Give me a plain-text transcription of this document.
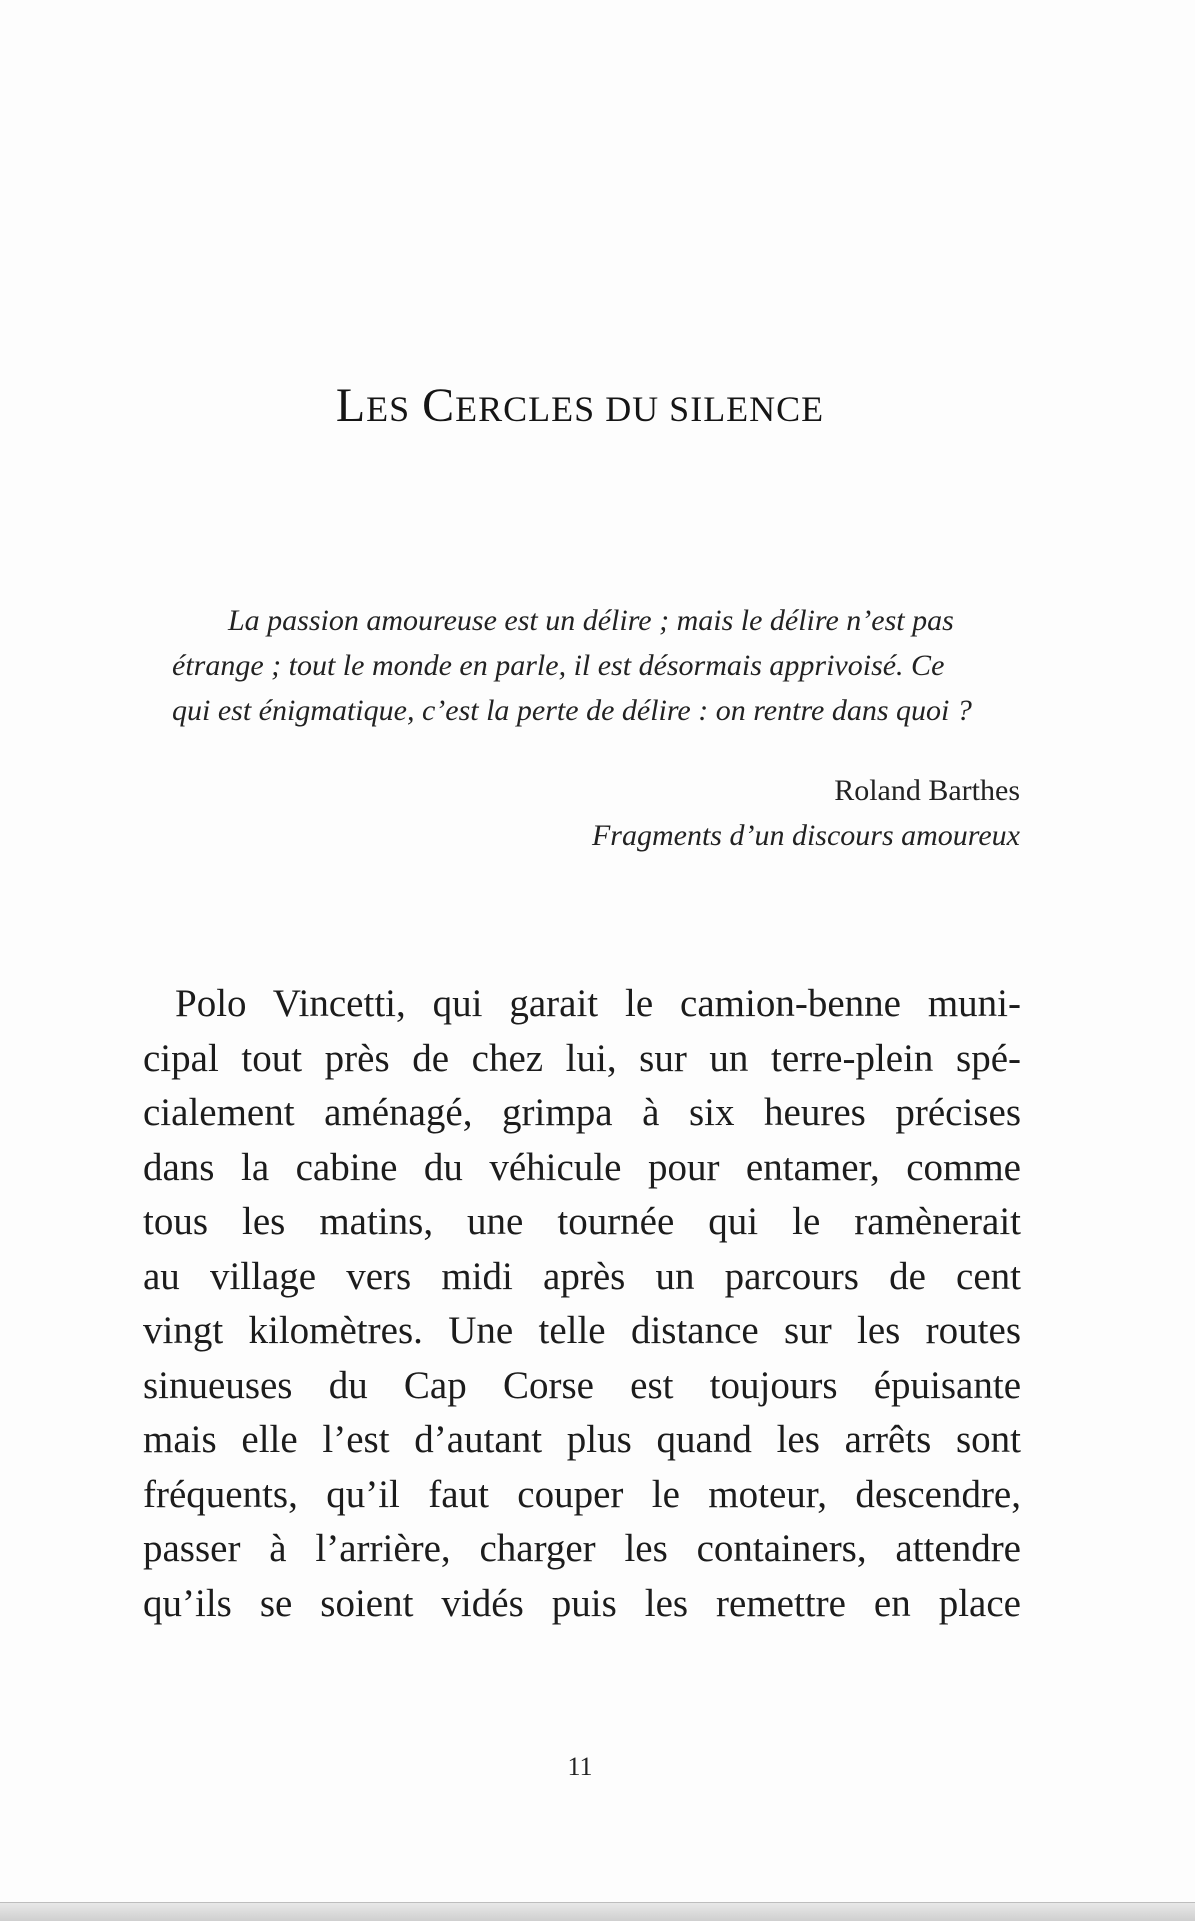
LES CERCLES DU SILENCE
La passion amoureuse est un délire ; mais le délire n’est pas
étrange ; tout le monde en parle, il est désormais apprivoisé. Ce
qui est énigmatique, c’est la perte de délire : on rentre dans quoi ?
Roland Barthes
Fragments d’un discours amoureux
Polo Vincetti, qui garait le camion-benne muni-
cipal tout près de chez lui, sur un terre-plein spé-
cialement aménagé, grimpa à six heures précises
dans la cabine du véhicule pour entamer, comme
tous les matins, une tournée qui le ramènerait
au village vers midi après un parcours de cent
vingt kilomètres. Une telle distance sur les routes
sinueuses du Cap Corse est toujours épuisante
mais elle l’est d’autant plus quand les arrêts sont
fréquents, qu’il faut couper le moteur, descendre,
passer à l’arrière, charger les containers, attendre
qu’ils se soient vidés puis les remettre en place
11
